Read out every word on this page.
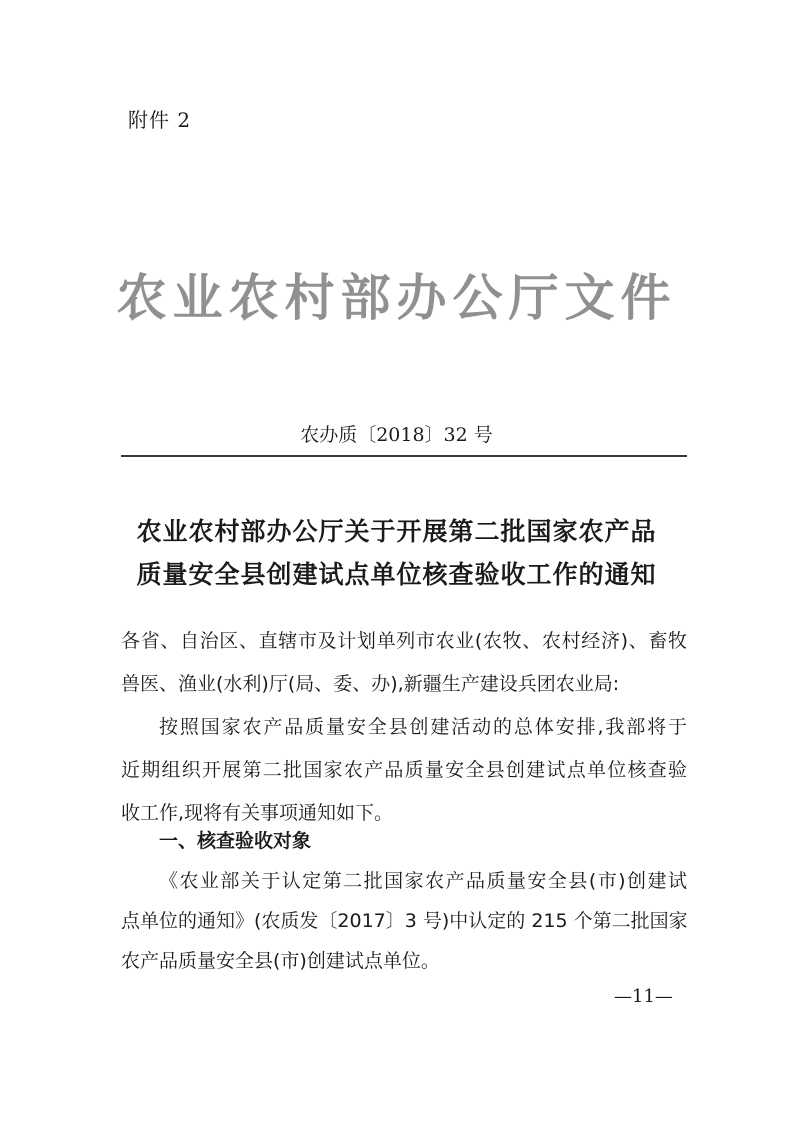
附件 2
农业农村部办公厅文件
农办质〔2018〕32 号
农业农村部办公厅关于开展第二批国家农产品
质量安全县创建试点单位核查验收工作的通知
各省、自治区、直辖市及计划单列市农业(农牧、农村经济)、畜牧
兽医、渔业(水利)厅(局、委、办),新疆生产建设兵团农业局:
按照国家农产品质量安全县创建活动的总体安排,我部将于
近期组织开展第二批国家农产品质量安全县创建试点单位核查验
收工作,现将有关事项通知如下。
一、核查验收对象
《农业部关于认定第二批国家农产品质量安全县(市)创建试
点单位的通知》(农质发〔2017〕3 号)中认定的 215 个第二批国家
农产品质量安全县(市)创建试点单位。
—11—
